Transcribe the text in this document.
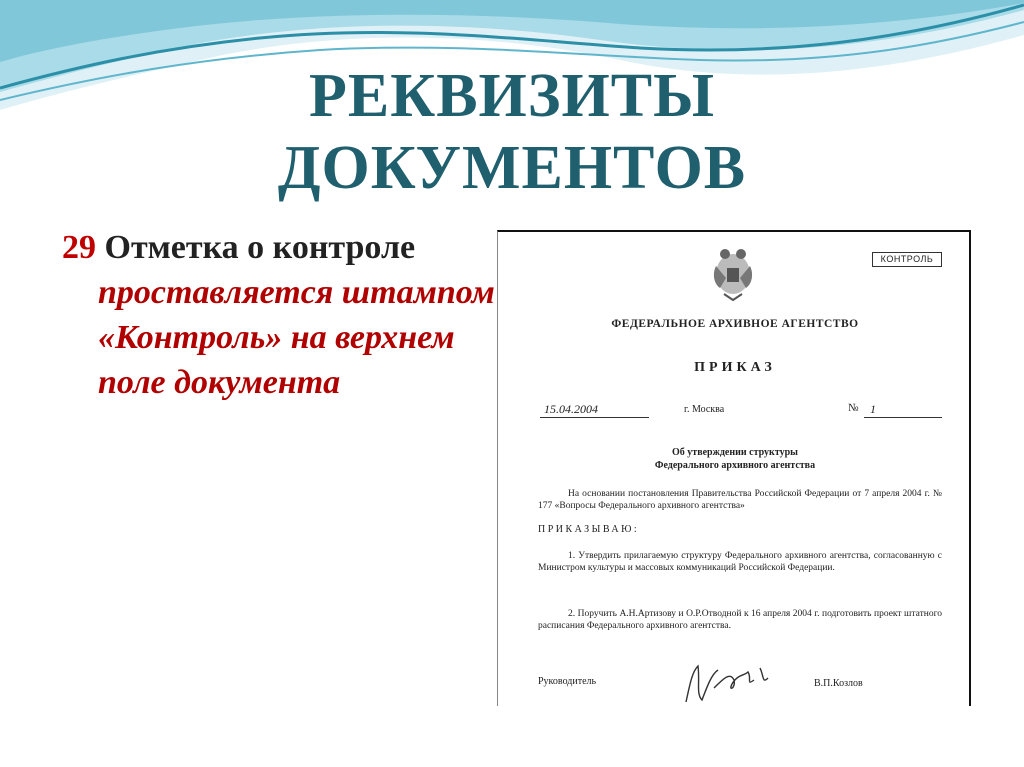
РЕКВИЗИТЫ
ДОКУМЕНТОВ
29 Отметка о контроле
проставляется штампом «Контроль» на верхнем поле документа
КОНТРОЛЬ
ФЕДЕРАЛЬНОЕ АРХИВНОЕ АГЕНТСТВО
ПРИКАЗ
15.04.2004	г. Москва	№ 1
Об утверждении структуры
Федерального архивного агентства
На основании постановления Правительства Российской Федерации от 7 апреля 2004 г. № 177 «Вопросы Федерального архивного агентства»
ПРИКАЗЫВАЮ:
1. Утвердить прилагаемую структуру Федерального архивного агентства, согласованную с Министром культуры и массовых коммуникаций Российской Федерации.
2. Поручить А.Н.Артизову и О.Р.Отводной к 16 апреля 2004 г. подготовить проект штатного расписания Федерального архивного агентства.
Руководитель	В.П.Козлов
